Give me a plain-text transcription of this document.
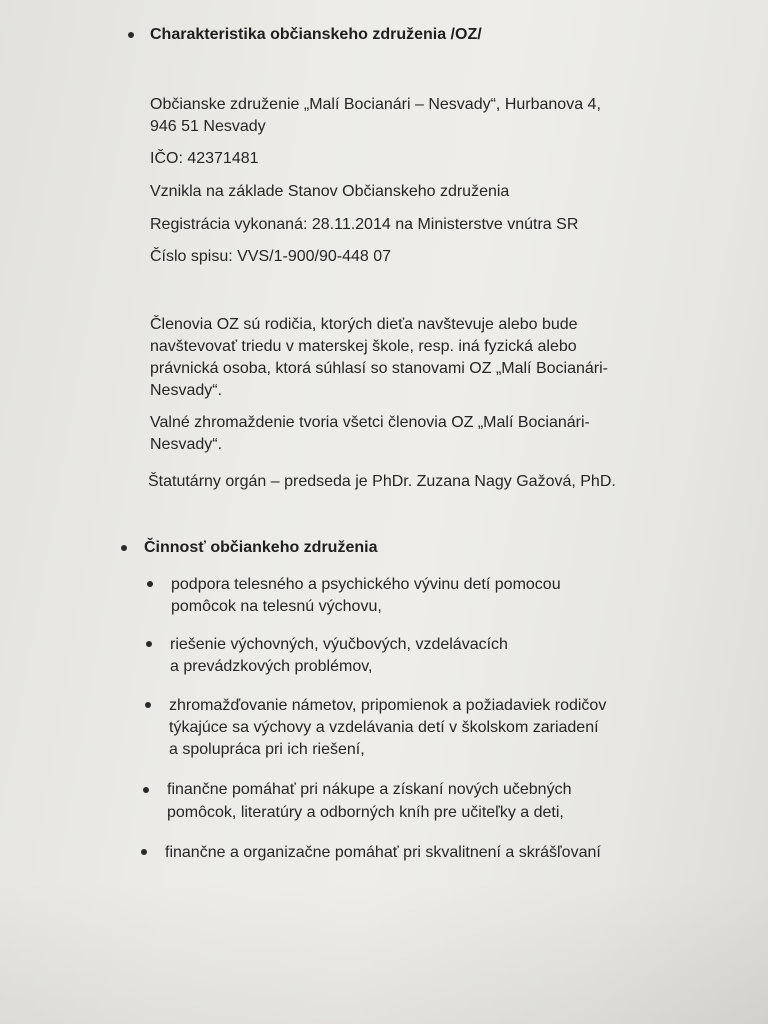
Charakteristika občianskeho združenia /OZ/
Občianske združenie „Malí Bocianári – Nesvady“, Hurbanova 4,
946 51 Nesvady
IČO: 42371481
Vznikla na základe Stanov Občianskeho združenia
Registrácia vykonaná: 28.11.2014 na Ministerstve vnútra SR
Číslo spisu: VVS/1-900/90-448 07
Členovia OZ sú rodičia, ktorých dieťa navštevuje alebo bude
navštevovať triedu v materskej škole, resp. iná fyzická alebo
právnická osoba, ktorá súhlasí so stanovami OZ „Malí Bocianári-
Nesvady“.
Valné zhromaždenie tvoria všetci členovia OZ „Malí Bocianári-
Nesvady“.
Štatutárny orgán – predseda je PhDr. Zuzana Nagy Gažová, PhD.
Činnosť občiankeho združenia
podpora telesného a psychického vývinu detí pomocou
pomôcok na telesnú výchovu,
riešenie výchovných, výučbových, vzdelávacích
a prevádzkových problémov,
zhromažďovanie námetov, pripomienok a požiadaviek rodičov
týkajúce sa výchovy a vzdelávania detí v školskom zariadení
a spolupráca pri ich riešení,
finančne pomáhať pri nákupe a získaní nových učebných
pomôcok, literatúry a odborných kníh pre učiteľky a deti,
finančne a organizačne pomáhať pri skvalitnení a skrášľovaní
